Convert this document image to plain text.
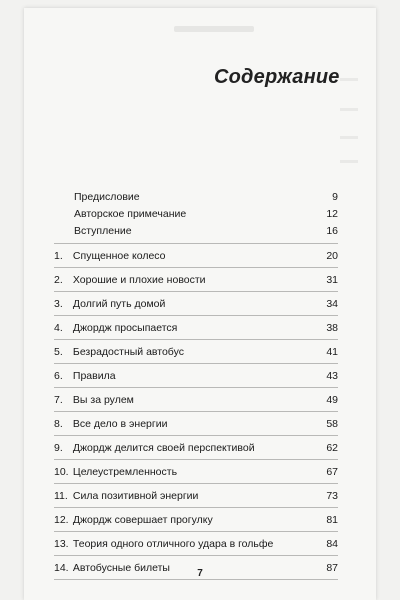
Содержание
Предисловие	9
Авторское примечание	12
Вступление	16
1. Спущенное колесо	20
2. Хорошие и плохие новости	31
3. Долгий путь домой	34
4. Джордж просыпается	38
5. Безрадостный автобус	41
6. Правила	43
7. Вы за рулем	49
8. Все дело в энергии	58
9. Джордж делится своей перспективой	62
10. Целеустремленность	67
11. Сила позитивной энергии	73
12. Джордж совершает прогулку	81
13. Теория одного отличного удара в гольфе	84
14. Автобусные билеты	87
7
